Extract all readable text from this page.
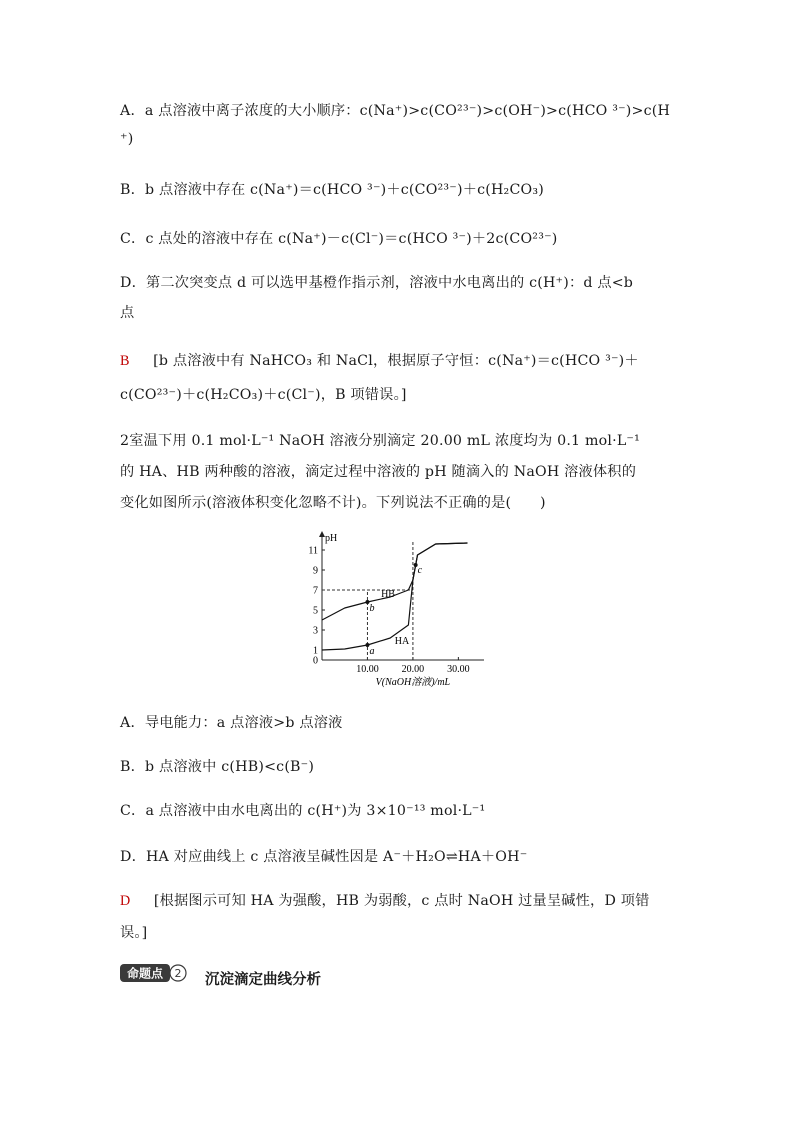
A．a 点溶液中离子浓度的大小顺序：c(Na⁺)>c(CO²³⁻)>c(OH⁻)>c(HCO ³⁻)>c(H
⁺)
B．b 点溶液中存在 c(Na⁺)＝c(HCO ³⁻)＋c(CO²³⁻)＋c(H₂CO₃)
C．c 点处的溶液中存在 c(Na⁺)－c(Cl⁻)＝c(HCO ³⁻)＋2c(CO²³⁻)
D．第二次突变点 d 可以选甲基橙作指示剂，溶液中水电离出的 c(H⁺)：d 点<b
点
B [b 点溶液中有 NaHCO₃ 和 NaCl，根据原子守恒：c(Na⁺)＝c(HCO ³⁻)＋
c(CO²³⁻)＋c(H₂CO₃)＋c(Cl⁻)，B 项错误。]
2室温下用 0.1 mol·L⁻¹ NaOH 溶液分别滴定 20.00 mL 浓度均为 0.1 mol·L⁻¹
的 HA、HB 两种酸的溶液，滴定过程中溶液的 pH 随滴入的 NaOH 溶液体积的
变化如图所示(溶液体积变化忽略不计)。下列说法不正确的是(　　)
pH
0
1
3
5
7
9
11
10.00 20.00 30.00
V(NaOH溶液)/mL
HB
HA
a
b
c
A．导电能力：a 点溶液>b 点溶液
B．b 点溶液中 c(HB)<c(B⁻)
C．a 点溶液中由水电离出的 c(H⁺)为 3×10⁻¹³ mol·L⁻¹
D．HA 对应曲线上 c 点溶液呈碱性因是 A⁻＋H₂O⇌HA＋OH⁻
D [根据图示可知 HA 为强酸，HB 为弱酸，c 点时 NaOH 过量呈碱性，D 项错
误。]
命题点 2 沉淀滴定曲线分析
